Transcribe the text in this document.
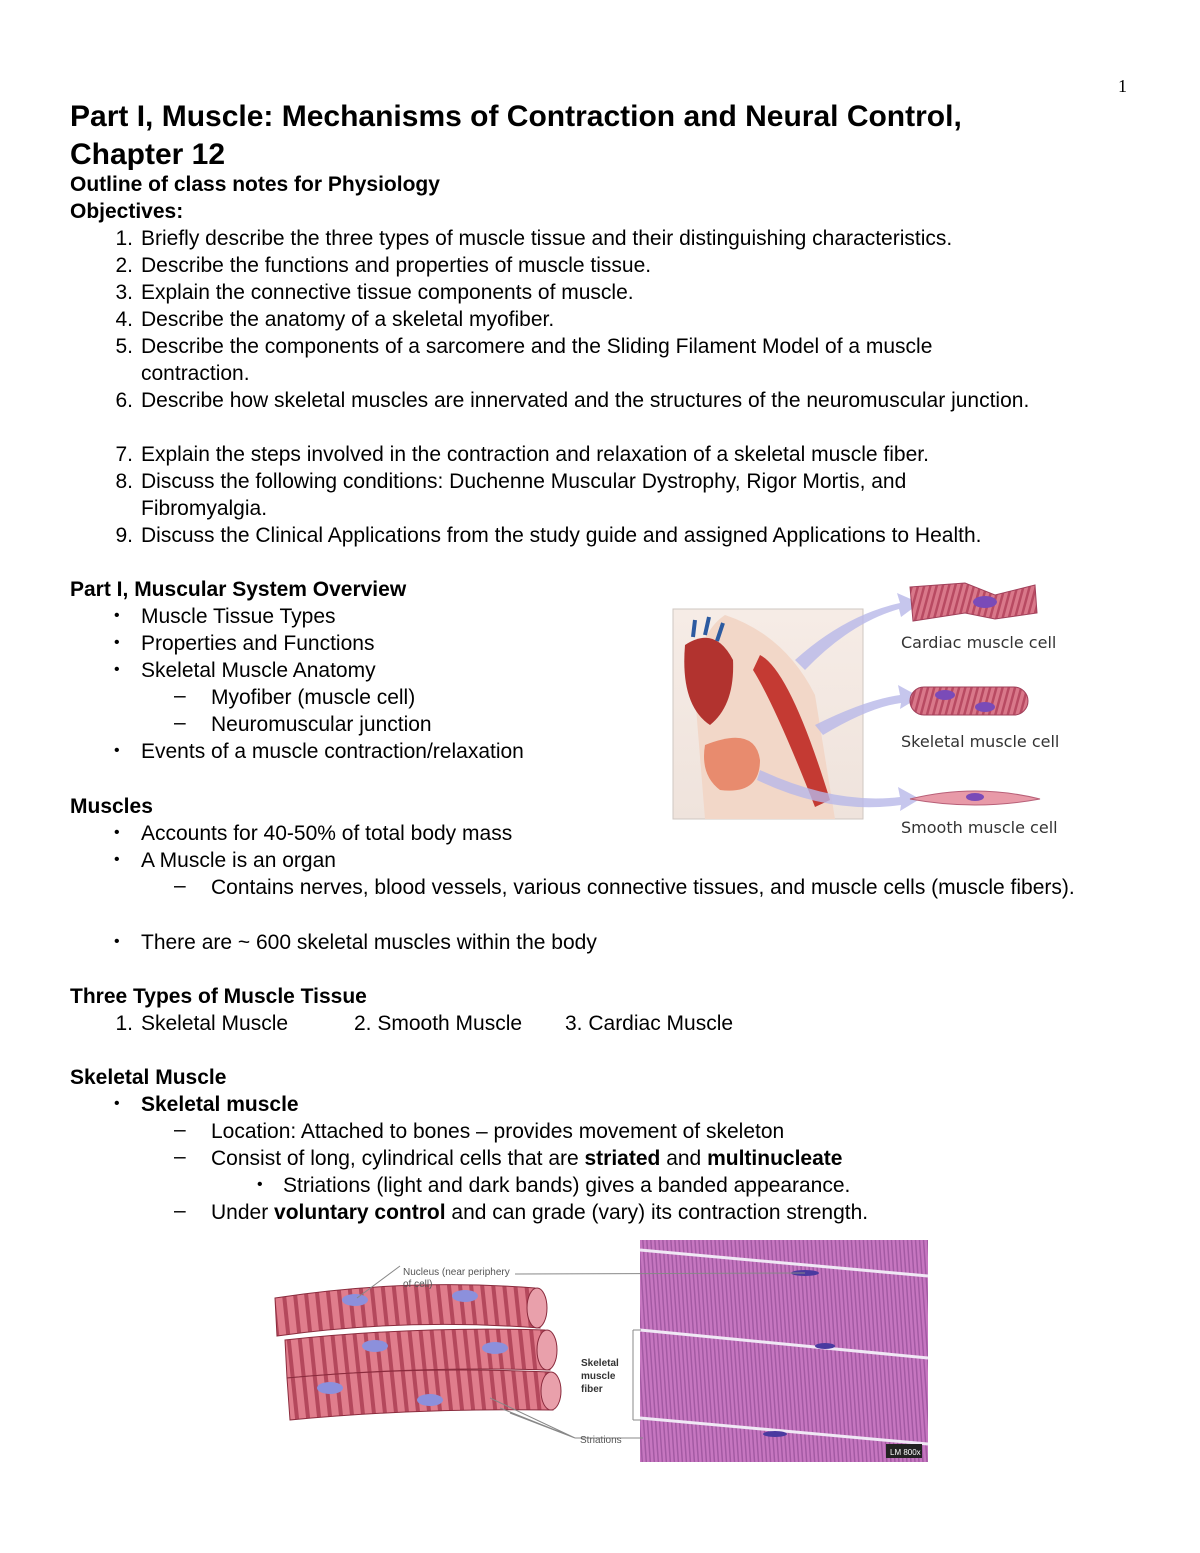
1
Part I, Muscle: Mechanisms of Contraction and Neural Control, Chapter 12
Outline of class notes for Physiology
Objectives:
1. Briefly describe the three types of muscle tissue and their distinguishing characteristics.
2. Describe the functions and properties of muscle tissue.
3. Explain the connective tissue components of muscle.
4. Describe the anatomy of a skeletal myofiber.
5. Describe the components of a sarcomere and the Sliding Filament Model of a muscle contraction.
6. Describe how skeletal muscles are innervated and the structures of the neuromuscular junction.
7. Explain the steps involved in the contraction and relaxation of a skeletal muscle fiber.
8. Discuss the following conditions: Duchenne Muscular Dystrophy, Rigor Mortis, and Fibromyalgia.
9. Discuss the Clinical Applications from the study guide and assigned Applications to Health.
Part I, Muscular System Overview
• Muscle Tissue Types
• Properties and Functions
• Skeletal Muscle Anatomy
– Myofiber (muscle cell)
– Neuromuscular junction
• Events of a muscle contraction/relaxation
Cardiac muscle cell
Skeletal muscle cell
Smooth muscle cell
Muscles
• Accounts for 40-50% of total body mass
• A Muscle is an organ
– Contains nerves, blood vessels, various connective tissues, and muscle cells (muscle fibers).
• There are ~ 600 skeletal muscles within the body
Three Types of Muscle Tissue
1. Skeletal Muscle	2. Smooth Muscle 3. Cardiac Muscle
Skeletal Muscle
• Skeletal muscle
– Location: Attached to bones – provides movement of skeleton
– Consist of long, cylindrical cells that are striated and multinucleate
• Striations (light and dark bands) gives a banded appearance.
– Under voluntary control and can grade (vary) its contraction strength.
LM 800x
Nucleus (near periphery
of cell)
Skeletal
muscle
fiber
Striations
